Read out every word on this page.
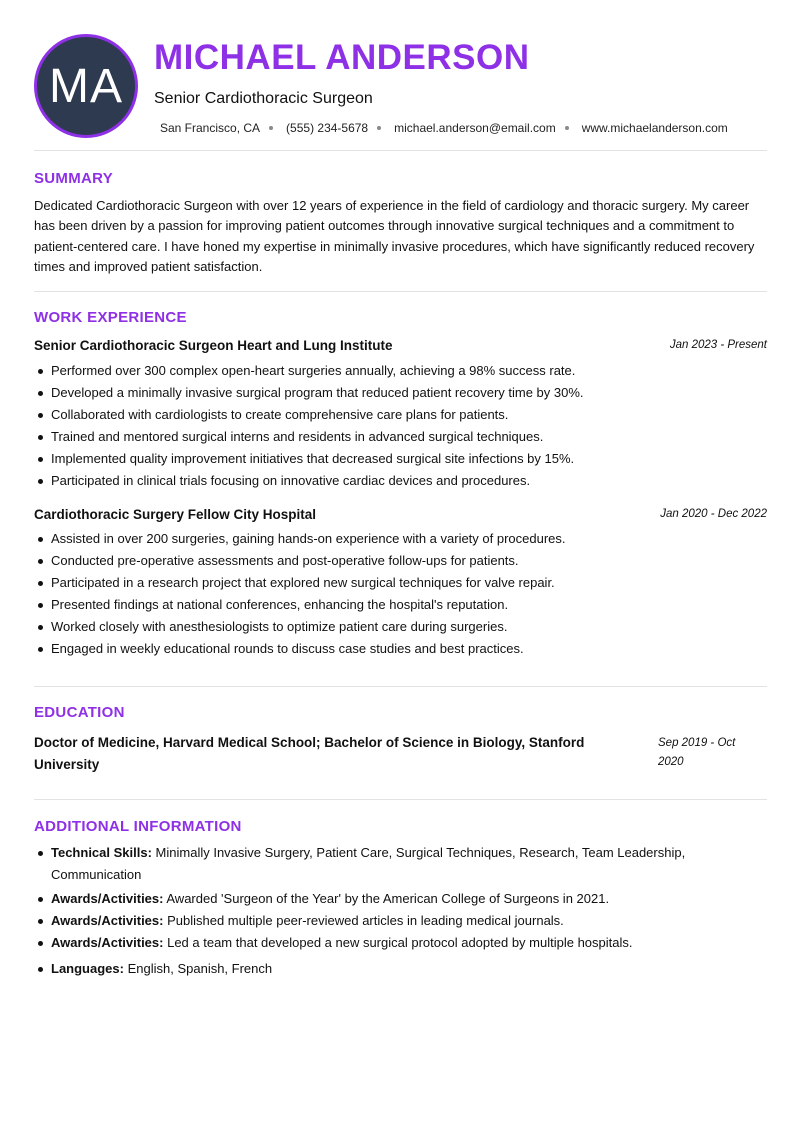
MA
MICHAEL ANDERSON
Senior Cardiothoracic Surgeon
San Francisco, CA (555) 234-5678 michael.anderson@email.com www.michaelanderson.com
SUMMARY

Dedicated Cardiothoracic Surgeon with over 12 years of experience in the field of cardiology and thoracic surgery. My career has been driven by a passion for improving patient outcomes through innovative surgical techniques and a commitment to patient-centered care. I have honed my expertise in minimally invasive procedures, which have significantly reduced recovery times and improved patient satisfaction.

WORK EXPERIENCE
Senior Cardiothoracic Surgeon Heart and Lung Institute	Jan 2023 - Present
Performed over 300 complex open-heart surgeries annually, achieving a 98% success rate.
Developed a minimally invasive surgical program that reduced patient recovery time by 30%.
Collaborated with cardiologists to create comprehensive care plans for patients.
Trained and mentored surgical interns and residents in advanced surgical techniques.
Implemented quality improvement initiatives that decreased surgical site infections by 15%.
Participated in clinical trials focusing on innovative cardiac devices and procedures.
Cardiothoracic Surgery Fellow City Hospital	Jan 2020 - Dec 2022
Assisted in over 200 surgeries, gaining hands-on experience with a variety of procedures.
Conducted pre-operative assessments and post-operative follow-ups for patients.
Participated in a research project that explored new surgical techniques for valve repair.
Presented findings at national conferences, enhancing the hospital's reputation.
Worked closely with anesthesiologists to optimize patient care during surgeries.
Engaged in weekly educational rounds to discuss case studies and best practices.
EDUCATION

Doctor of Medicine, Harvard Medical School; Bachelor of Science in Biology, Stanford University

Sep 2019 - Oct 2020
ADDITIONAL INFORMATION
Technical Skills: Minimally Invasive Surgery, Patient Care, Surgical Techniques, Research, Team Leadership, Communication
Awards/Activities: Awarded 'Surgeon of the Year' by the American College of Surgeons in 2021.
Awards/Activities: Published multiple peer-reviewed articles in leading medical journals.
Awards/Activities: Led a team that developed a new surgical protocol adopted by multiple hospitals.
Languages: English, Spanish, French
